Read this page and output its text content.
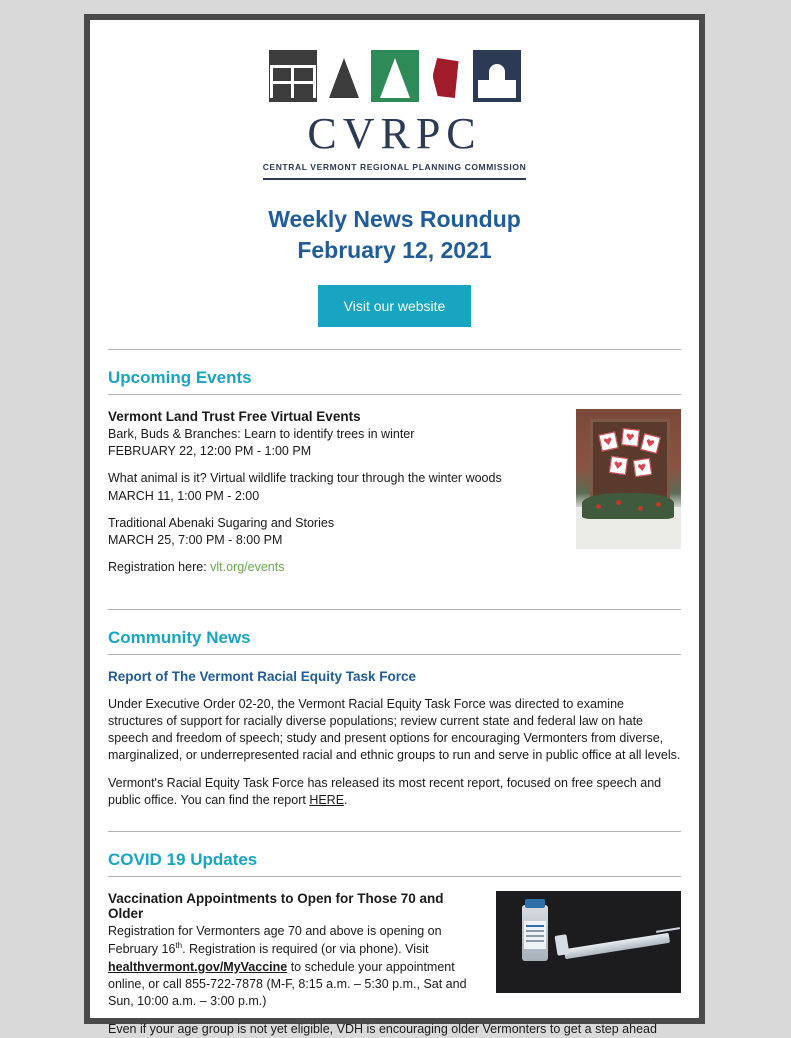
CVRPC
CENTRAL VERMONT REGIONAL PLANNING COMMISSION
Weekly News Roundup
February 12, 2021
Visit our website
Upcoming Events
Vermont Land Trust Free Virtual Events

Bark, Buds & Branches: Learn to identify trees in winter

FEBRUARY 22, 12:00 PM - 1:00 PM

What animal is it? Virtual wildlife tracking tour through the winter woods

MARCH 11, 1:00 PM - 2:00

Traditional Abenaki Sugaring and Stories

MARCH 25, 7:00 PM - 8:00 PM

Registration here: vlt.org/events

Community News
Report of The Vermont Racial Equity Task Force

Under Executive Order 02-20, the Vermont Racial Equity Task Force was directed to examine structures of support for racially diverse populations; review current state and federal law on hate speech and freedom of speech; study and present options for encouraging Vermonters from diverse, marginalized, or underrepresented racial and ethnic groups to run and serve in public office at all levels.

Vermont's Racial Equity Task Force has released its most recent report, focused on free speech and public office. You can find the report HERE.

COVID 19 Updates
Vaccination Appointments to Open for Those 70 and Older

Registration for Vermonters age 70 and above is opening on February 16th. Registration is required (or via phone). Visit healthvermont.gov/MyVaccine to schedule your appointment online, or call 855-722-7878 (M-F, 8:15 a.m. – 5:30 p.m., Sat and Sun, 10:00 a.m. – 3:00 p.m.)

Even if your age group is not yet eligible, VDH is encouraging older Vermonters to get a step ahead
